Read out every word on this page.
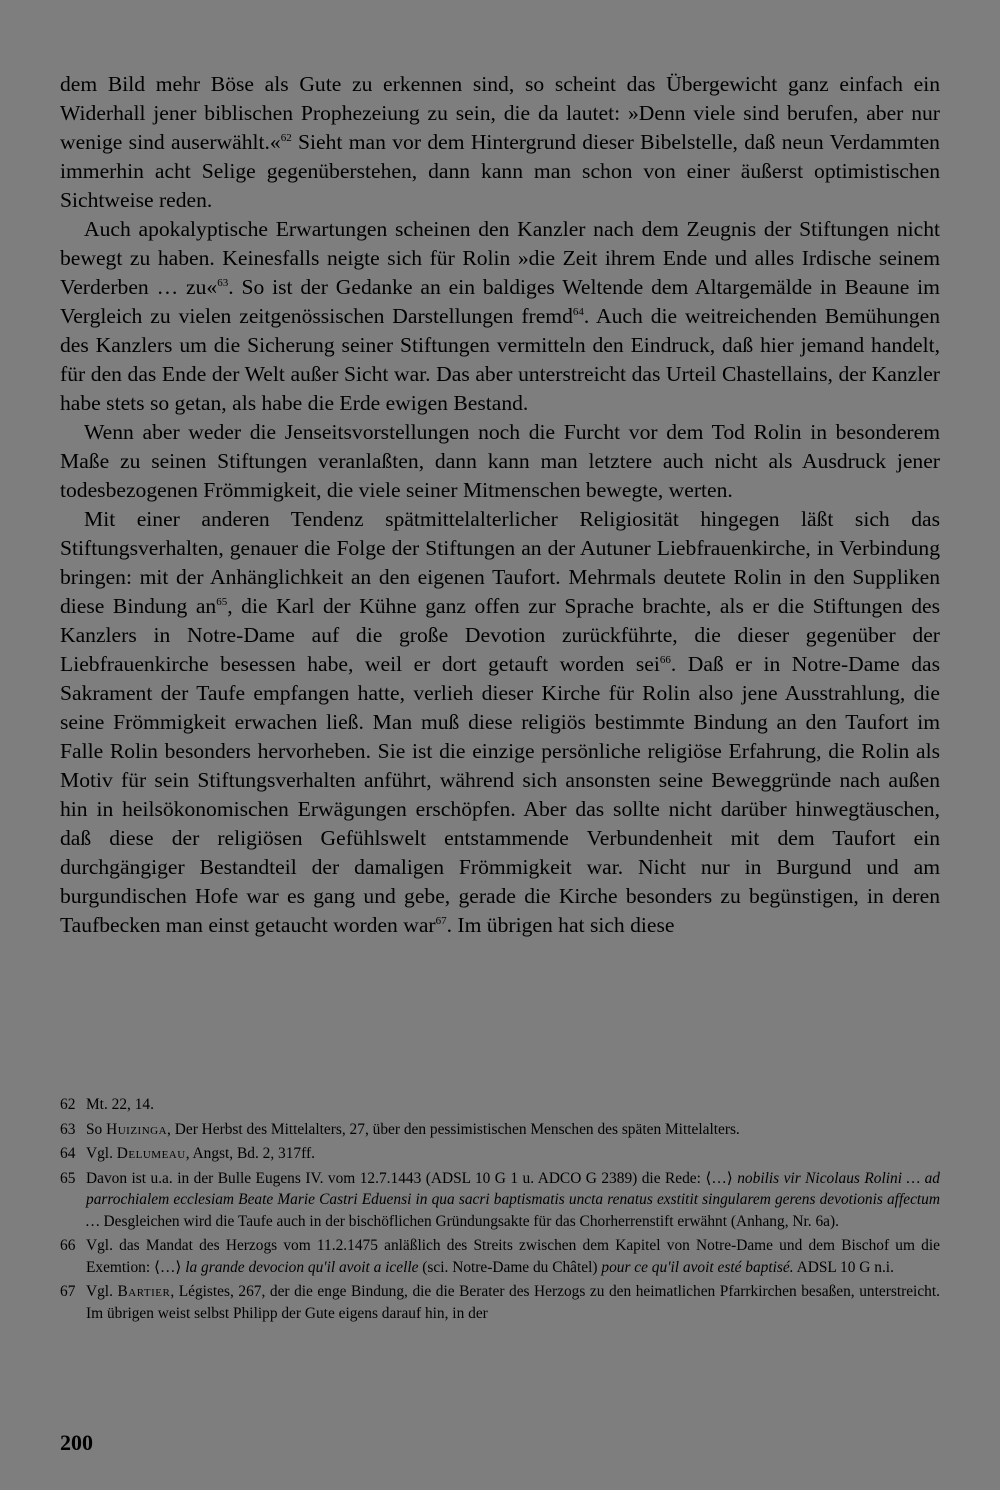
dem Bild mehr Böse als Gute zu erkennen sind, so scheint das Übergewicht ganz einfach ein Widerhall jener biblischen Prophezeiung zu sein, die da lautet: »Denn viele sind berufen, aber nur wenige sind auserwählt.«$^{62}$ Sieht man vor dem Hintergrund dieser Bibelstelle, daß neun Verdammten immerhin acht Selige gegenüberstehen, dann kann man schon von einer äußerst optimistischen Sichtweise reden.

Auch apokalyptische Erwartungen scheinen den Kanzler nach dem Zeugnis der Stiftungen nicht bewegt zu haben. Keinesfalls neigte sich für Rolin »die Zeit ihrem Ende und alles Irdische seinem Verderben … zu«$^{63}$. So ist der Gedanke an ein baldiges Weltende dem Altargemälde in Beaune im Vergleich zu vielen zeitgenössischen Darstellungen fremd$^{64}$. Auch die weitreichenden Bemühungen des Kanzlers um die Sicherung seiner Stiftungen vermitteln den Eindruck, daß hier jemand handelt, für den das Ende der Welt außer Sicht war. Das aber unterstreicht das Urteil Chastellains, der Kanzler habe stets so getan, als habe die Erde ewigen Bestand.

Wenn aber weder die Jenseitsvorstellungen noch die Furcht vor dem Tod Rolin in besonderem Maße zu seinen Stiftungen veranlaßten, dann kann man letztere auch nicht als Ausdruck jener todesbezogenen Frömmigkeit, die viele seiner Mitmenschen bewegte, werten.

Mit einer anderen Tendenz spätmittelalterlicher Religiosität hingegen läßt sich das Stiftungsverhalten, genauer die Folge der Stiftungen an der Autuner Liebfrauenkirche, in Verbindung bringen: mit der Anhänglichkeit an den eigenen Taufort. Mehrmals deutete Rolin in den Suppliken diese Bindung $an^{65}$, die Karl der Kühne ganz offen zur Sprache brachte, als er die Stiftungen des Kanzlers in Notre-Dame auf die große Devotion zurückführte, die dieser gegenüber der Liebfrauenkirche besessen habe, weil er dort getauft worden sei$^{66}$. Daß er in Notre-Dame das Sakrament der Taufe empfangen hatte, verlieh dieser Kirche für Rolin also jene Ausstrahlung, die seine Frömmigkeit erwachen ließ. Man muß diese religiös bestimmte Bindung an den Taufort im Falle Rolin besonders hervorheben. Sie ist die einzige persönliche religiöse Erfahrung, die Rolin als Motiv für sein Stiftungsverhalten anführt, während sich ansonsten seine Beweggründe nach außen hin in heilsökonomischen Erwägungen erschöpfen. Aber das sollte nicht darüber hinwegtäuschen, daß diese der religiösen Gefühlswelt entstammende Verbundenheit mit dem Taufort ein durchgängiger Bestandteil der damaligen Frömmigkeit war. Nicht nur in Burgund und am burgundischen Hofe war es gang und gebe, gerade die Kirche besonders zu begünstigen, in deren Taufbecken man einst getaucht worden war$^{67}$. Im übrigen hat sich diese

62 Mt. 22, 14.
63 So Huizinga, Der Herbst des Mittelalters, 27, über den pessimistischen Menschen des späten Mittelalters.
64 Vgl. Delumeau, Angst, Bd. 2, 317ff.
65 Davon ist u.a. in der Bulle Eugens IV. vom 12.7.1443 (ADSL 10 G 1 u. ADCO G 2389) die Rede: ⟨…⟩ nobilis vir Nicolaus Rolini … ad parrochialem ecclesiam Beate Marie Castri Eduensi in qua sacri baptismatis uncta renatus exstitit singularem gerens devotionis affectum … Desgleichen wird die Taufe auch in der bischöflichen Gründungsakte für das Chorherrenstift erwähnt (Anhang, Nr. 6a).
66 Vgl. das Mandat des Herzogs vom 11.2.1475 anläßlich des Streits zwischen dem Kapitel von Notre-Dame und dem Bischof um die Exemtion: ⟨…⟩ la grande devocion qu'il avoit a icelle (sci. Notre-Dame du Châtel) pour ce qu'il avoit esté baptisé. ADSL 10 G n.i.
67 Vgl. Bartier, Légistes, 267, der die enge Bindung, die die Berater des Herzogs zu den heimatlichen Pfarrkirchen besaßen, unterstreicht. Im übrigen weist selbst Philipp der Gute eigens darauf hin, in der
200
